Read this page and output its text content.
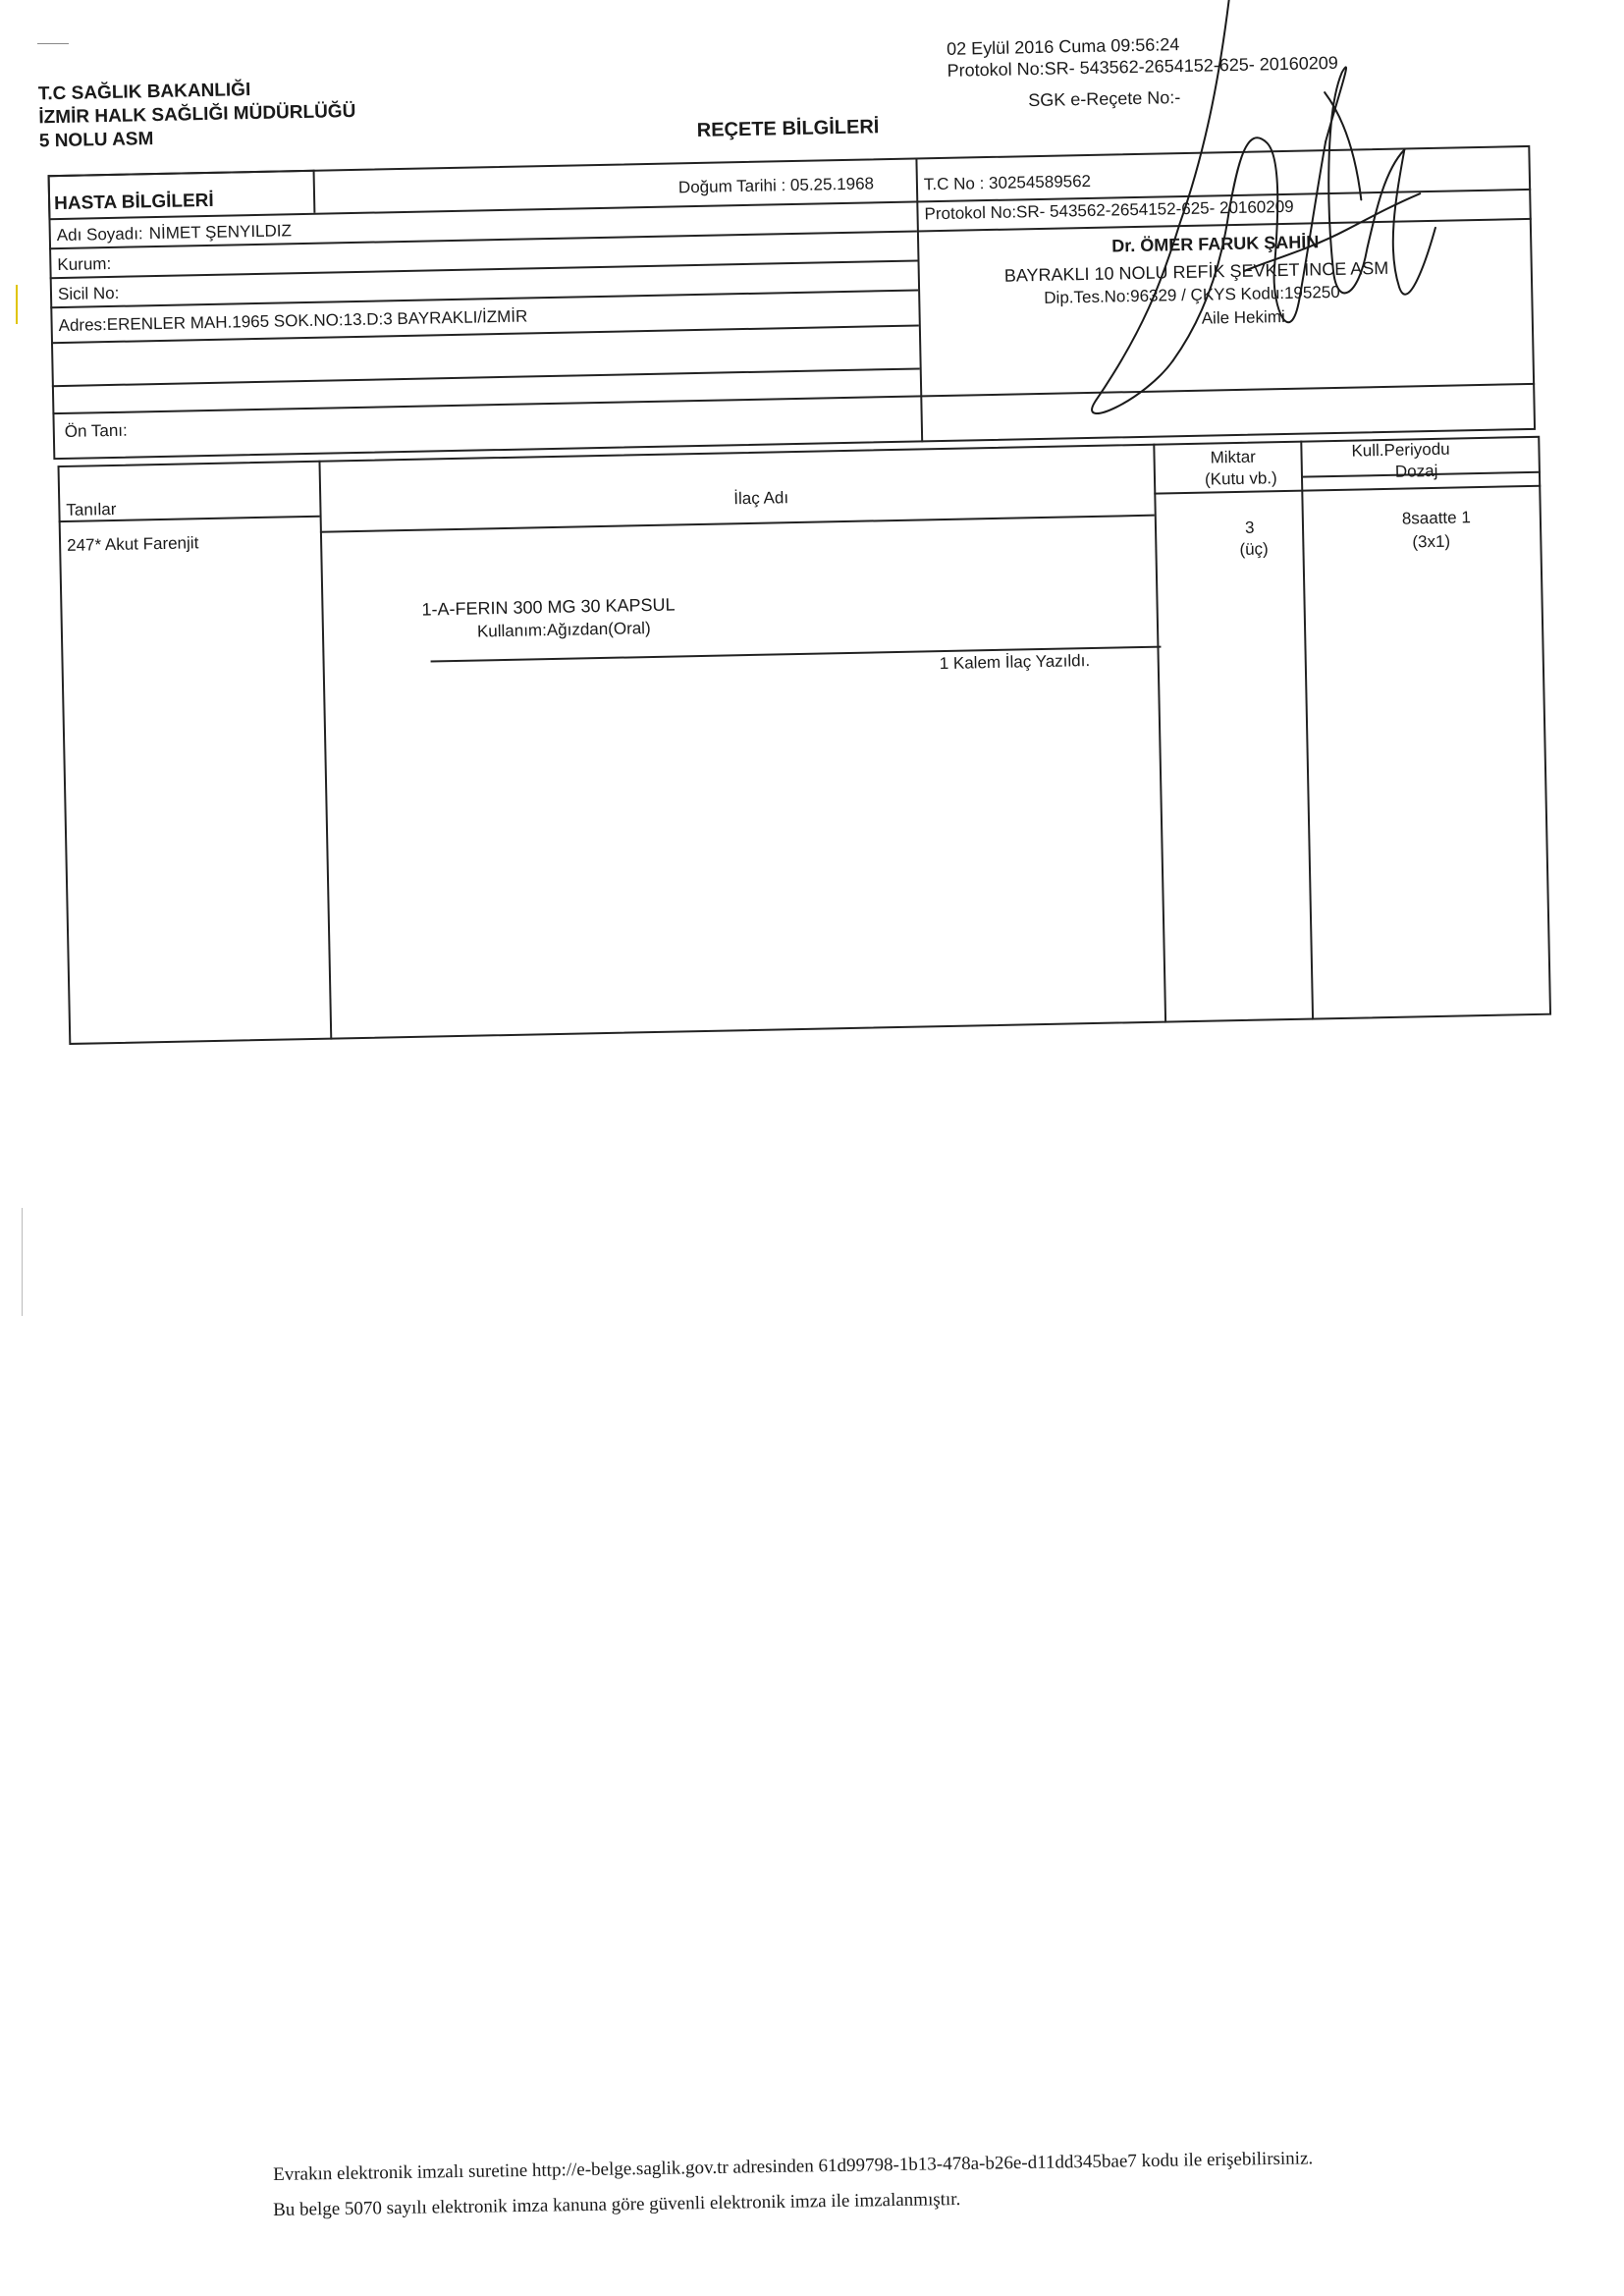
T.C SAĞLIK BAKANLIĞI
İZMİR HALK SAĞLIĞI MÜDÜRLÜĞÜ
5 NOLU ASM	REÇETE BİLGİLERİ
02 Eylül 2016 Cuma 09:56:24
Protokol No:SR- 543562-2654152-625- 20160209
SGK e-Reçete No:-
HASTA BİLGİLERİ
Adı Soyadı: NİMET ŞENYILDIZ
Doğum Tarihi : 05.25.1968
Kurum:
Sicil No:
Adres:ERENLER MAH.1965 SOK.NO:13.D:3 BAYRAKLI/İZMİR
Ön Tanı:
T.C No : 30254589562
Protokol No:SR- 543562-2654152-625- 20160209
Dr. ÖMER FARUK ŞAHİN
BAYRAKLI 10 NOLU REFİK ŞEVKET İNCE ASM
Dip.Tes.No:96329 / ÇKYS Kodu:195250
Aile Hekimi
Tanılar
İlaç Adı
Miktar
(Kutu vb.)
Kull.Periyodu
Dozaj
247* Akut Farenjit
1-A-FERIN 300 MG 30 KAPSUL
Kullanım:Ağızdan(Oral)
1 Kalem İlaç Yazıldı.
3
(üç)
8saatte 1
(3x1)
Evrakın elektronik imzalı suretine http://e-belge.saglik.gov.tr adresinden 61d99798-1b13-478a-b26e-d11dd345bae7 kodu ile erişebilirsiniz.
Bu belge 5070 sayılı elektronik imza kanuna göre güvenli elektronik imza ile imzalanmıştır.
